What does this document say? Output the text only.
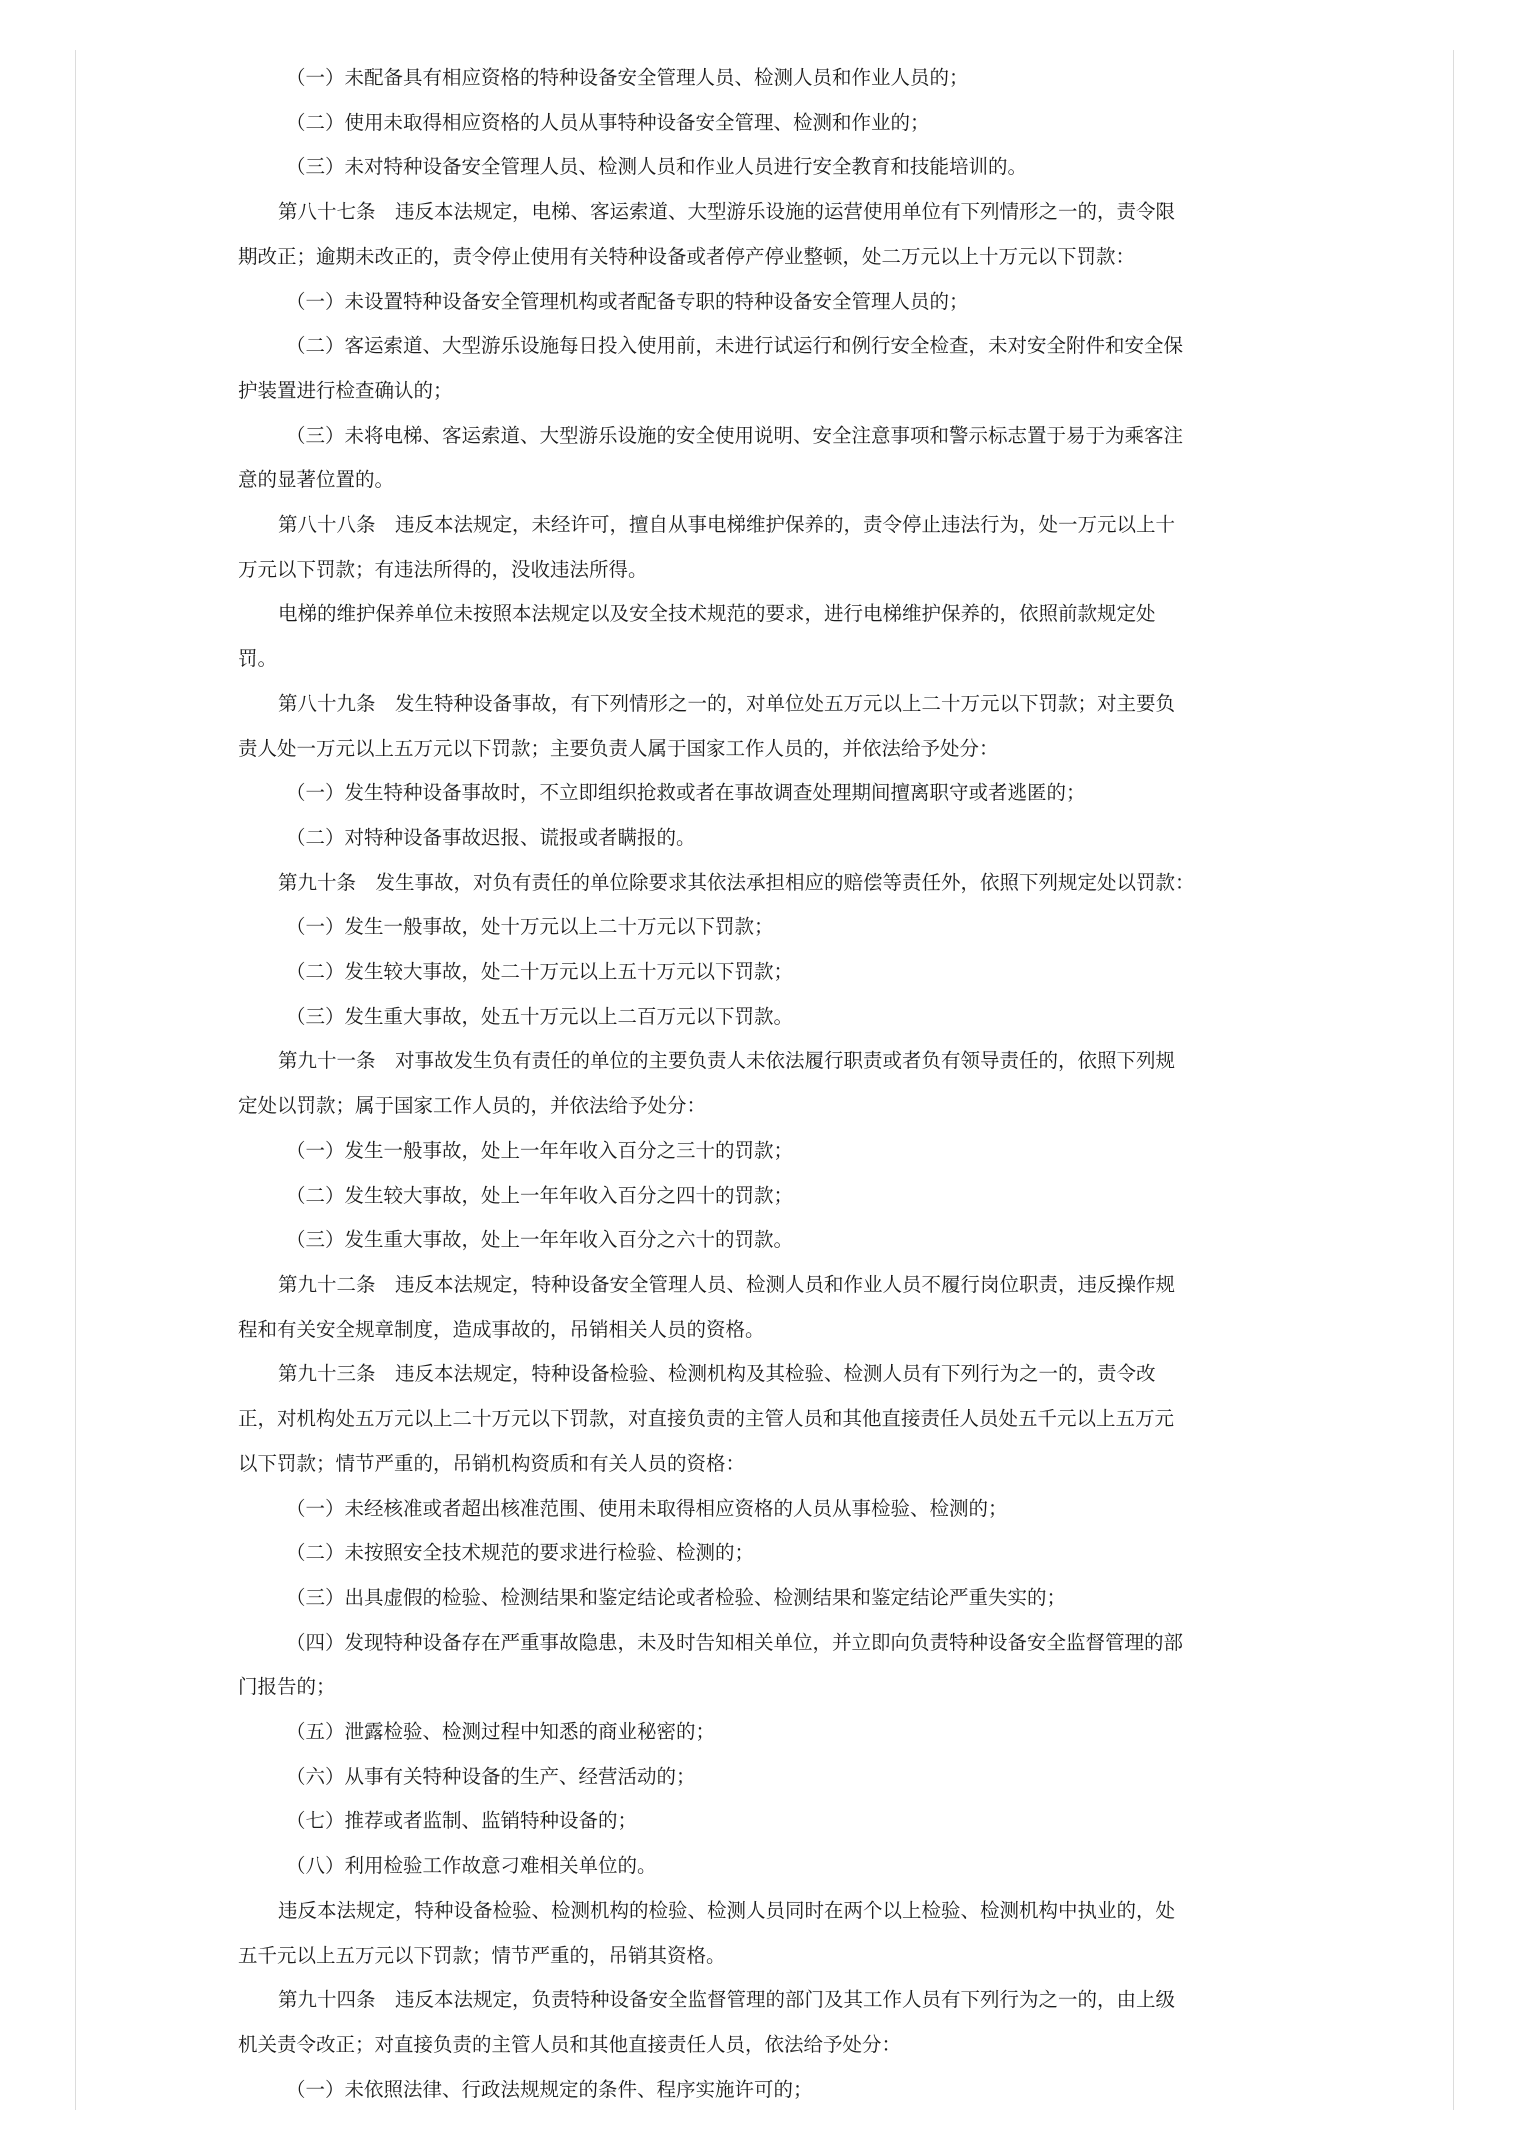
（一）未配备具有相应资格的特种设备安全管理人员、检测人员和作业人员的；

（二）使用未取得相应资格的人员从事特种设备安全管理、检测和作业的；

（三）未对特种设备安全管理人员、检测人员和作业人员进行安全教育和技能培训的。

第八十七条　违反本法规定，电梯、客运索道、大型游乐设施的运营使用单位有下列情形之一的，责令限

期改正；逾期未改正的，责令停止使用有关特种设备或者停产停业整顿，处二万元以上十万元以下罚款：

（一）未设置特种设备安全管理机构或者配备专职的特种设备安全管理人员的；

（二）客运索道、大型游乐设施每日投入使用前，未进行试运行和例行安全检查，未对安全附件和安全保

护装置进行检查确认的；

（三）未将电梯、客运索道、大型游乐设施的安全使用说明、安全注意事项和警示标志置于易于为乘客注

意的显著位置的。

第八十八条　违反本法规定，未经许可，擅自从事电梯维护保养的，责令停止违法行为，处一万元以上十

万元以下罚款；有违法所得的，没收违法所得。

电梯的维护保养单位未按照本法规定以及安全技术规范的要求，进行电梯维护保养的，依照前款规定处

罚。

第八十九条　发生特种设备事故，有下列情形之一的，对单位处五万元以上二十万元以下罚款；对主要负

责人处一万元以上五万元以下罚款；主要负责人属于国家工作人员的，并依法给予处分：

（一）发生特种设备事故时，不立即组织抢救或者在事故调查处理期间擅离职守或者逃匿的；

（二）对特种设备事故迟报、谎报或者瞒报的。

第九十条　发生事故，对负有责任的单位除要求其依法承担相应的赔偿等责任外，依照下列规定处以罚款：

（一）发生一般事故，处十万元以上二十万元以下罚款；

（二）发生较大事故，处二十万元以上五十万元以下罚款；

（三）发生重大事故，处五十万元以上二百万元以下罚款。

第九十一条　对事故发生负有责任的单位的主要负责人未依法履行职责或者负有领导责任的，依照下列规

定处以罚款；属于国家工作人员的，并依法给予处分：

（一）发生一般事故，处上一年年收入百分之三十的罚款；

（二）发生较大事故，处上一年年收入百分之四十的罚款；

（三）发生重大事故，处上一年年收入百分之六十的罚款。

第九十二条　违反本法规定，特种设备安全管理人员、检测人员和作业人员不履行岗位职责，违反操作规

程和有关安全规章制度，造成事故的，吊销相关人员的资格。

第九十三条　违反本法规定，特种设备检验、检测机构及其检验、检测人员有下列行为之一的，责令改

正，对机构处五万元以上二十万元以下罚款，对直接负责的主管人员和其他直接责任人员处五千元以上五万元

以下罚款；情节严重的，吊销机构资质和有关人员的资格：

（一）未经核准或者超出核准范围、使用未取得相应资格的人员从事检验、检测的；

（二）未按照安全技术规范的要求进行检验、检测的；

（三）出具虚假的检验、检测结果和鉴定结论或者检验、检测结果和鉴定结论严重失实的；

（四）发现特种设备存在严重事故隐患，未及时告知相关单位，并立即向负责特种设备安全监督管理的部

门报告的；

（五）泄露检验、检测过程中知悉的商业秘密的；

（六）从事有关特种设备的生产、经营活动的；

（七）推荐或者监制、监销特种设备的；

（八）利用检验工作故意刁难相关单位的。

违反本法规定，特种设备检验、检测机构的检验、检测人员同时在两个以上检验、检测机构中执业的，处

五千元以上五万元以下罚款；情节严重的，吊销其资格。

第九十四条　违反本法规定，负责特种设备安全监督管理的部门及其工作人员有下列行为之一的，由上级

机关责令改正；对直接负责的主管人员和其他直接责任人员，依法给予处分：

（一）未依照法律、行政法规规定的条件、程序实施许可的；
